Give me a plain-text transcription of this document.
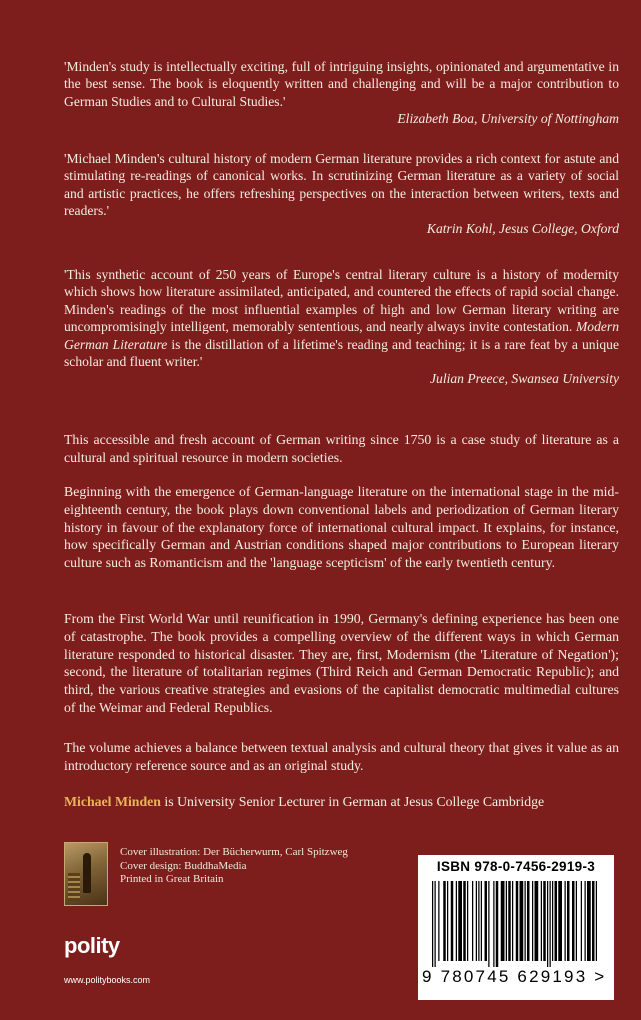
'Minden's study is intellectually exciting, full of intriguing insights, opinionated and argumentative in the best sense. The book is eloquently written and challenging and will be a major contribution to German Studies and to Cultural Studies.'

Elizabeth Boa, University of Nottingham

'Michael Minden's cultural history of modern German literature provides a rich context for astute and stimulating re-readings of canonical works. In scrutinizing German literature as a variety of social and artistic practices, he offers refreshing perspectives on the interaction between writers, texts and readers.'

Katrin Kohl, Jesus College, Oxford

'This synthetic account of 250 years of Europe's central literary culture is a history of modernity which shows how literature assimilated, anticipated, and countered the effects of rapid social change. Minden's readings of the most influential examples of high and low German literary writing are uncompromisingly intelligent, memorably sententious, and nearly always invite contestation. Modern German Literature is the distillation of a lifetime's reading and teaching; it is a rare feat by a unique scholar and fluent writer.'

Julian Preece, Swansea University

This accessible and fresh account of German writing since 1750 is a case study of literature as a cultural and spiritual resource in modern societies.

Beginning with the emergence of German-language literature on the international stage in the mid-eighteenth century, the book plays down conventional labels and periodization of German literary history in favour of the explanatory force of international cultural impact. It explains, for instance, how specifically German and Austrian conditions shaped major contributions to European literary culture such as Romanticism and the 'language scepticism' of the early twentieth century.

From the First World War until reunification in 1990, Germany's defining experience has been one of catastrophe. The book provides a compelling overview of the different ways in which German literature responded to historical disaster. They are, first, Modernism (the 'Literature of Negation'); second, the literature of totalitarian regimes (Third Reich and German Democratic Republic); and third, the various creative strategies and evasions of the capitalist democratic multimedial cultures of the Weimar and Federal Republics.

The volume achieves a balance between textual analysis and cultural theory that gives it value as an introductory reference source and as an original study.

Michael Minden is University Senior Lecturer in German at Jesus College Cambridge

Cover illustration: Der Bücherwurm, Carl Spitzweg
Cover design: BuddhaMedia
Printed in Great Britain
polity
www.politybooks.com
ISBN 978-0-7456-2919-3
9 780745 629193 >
